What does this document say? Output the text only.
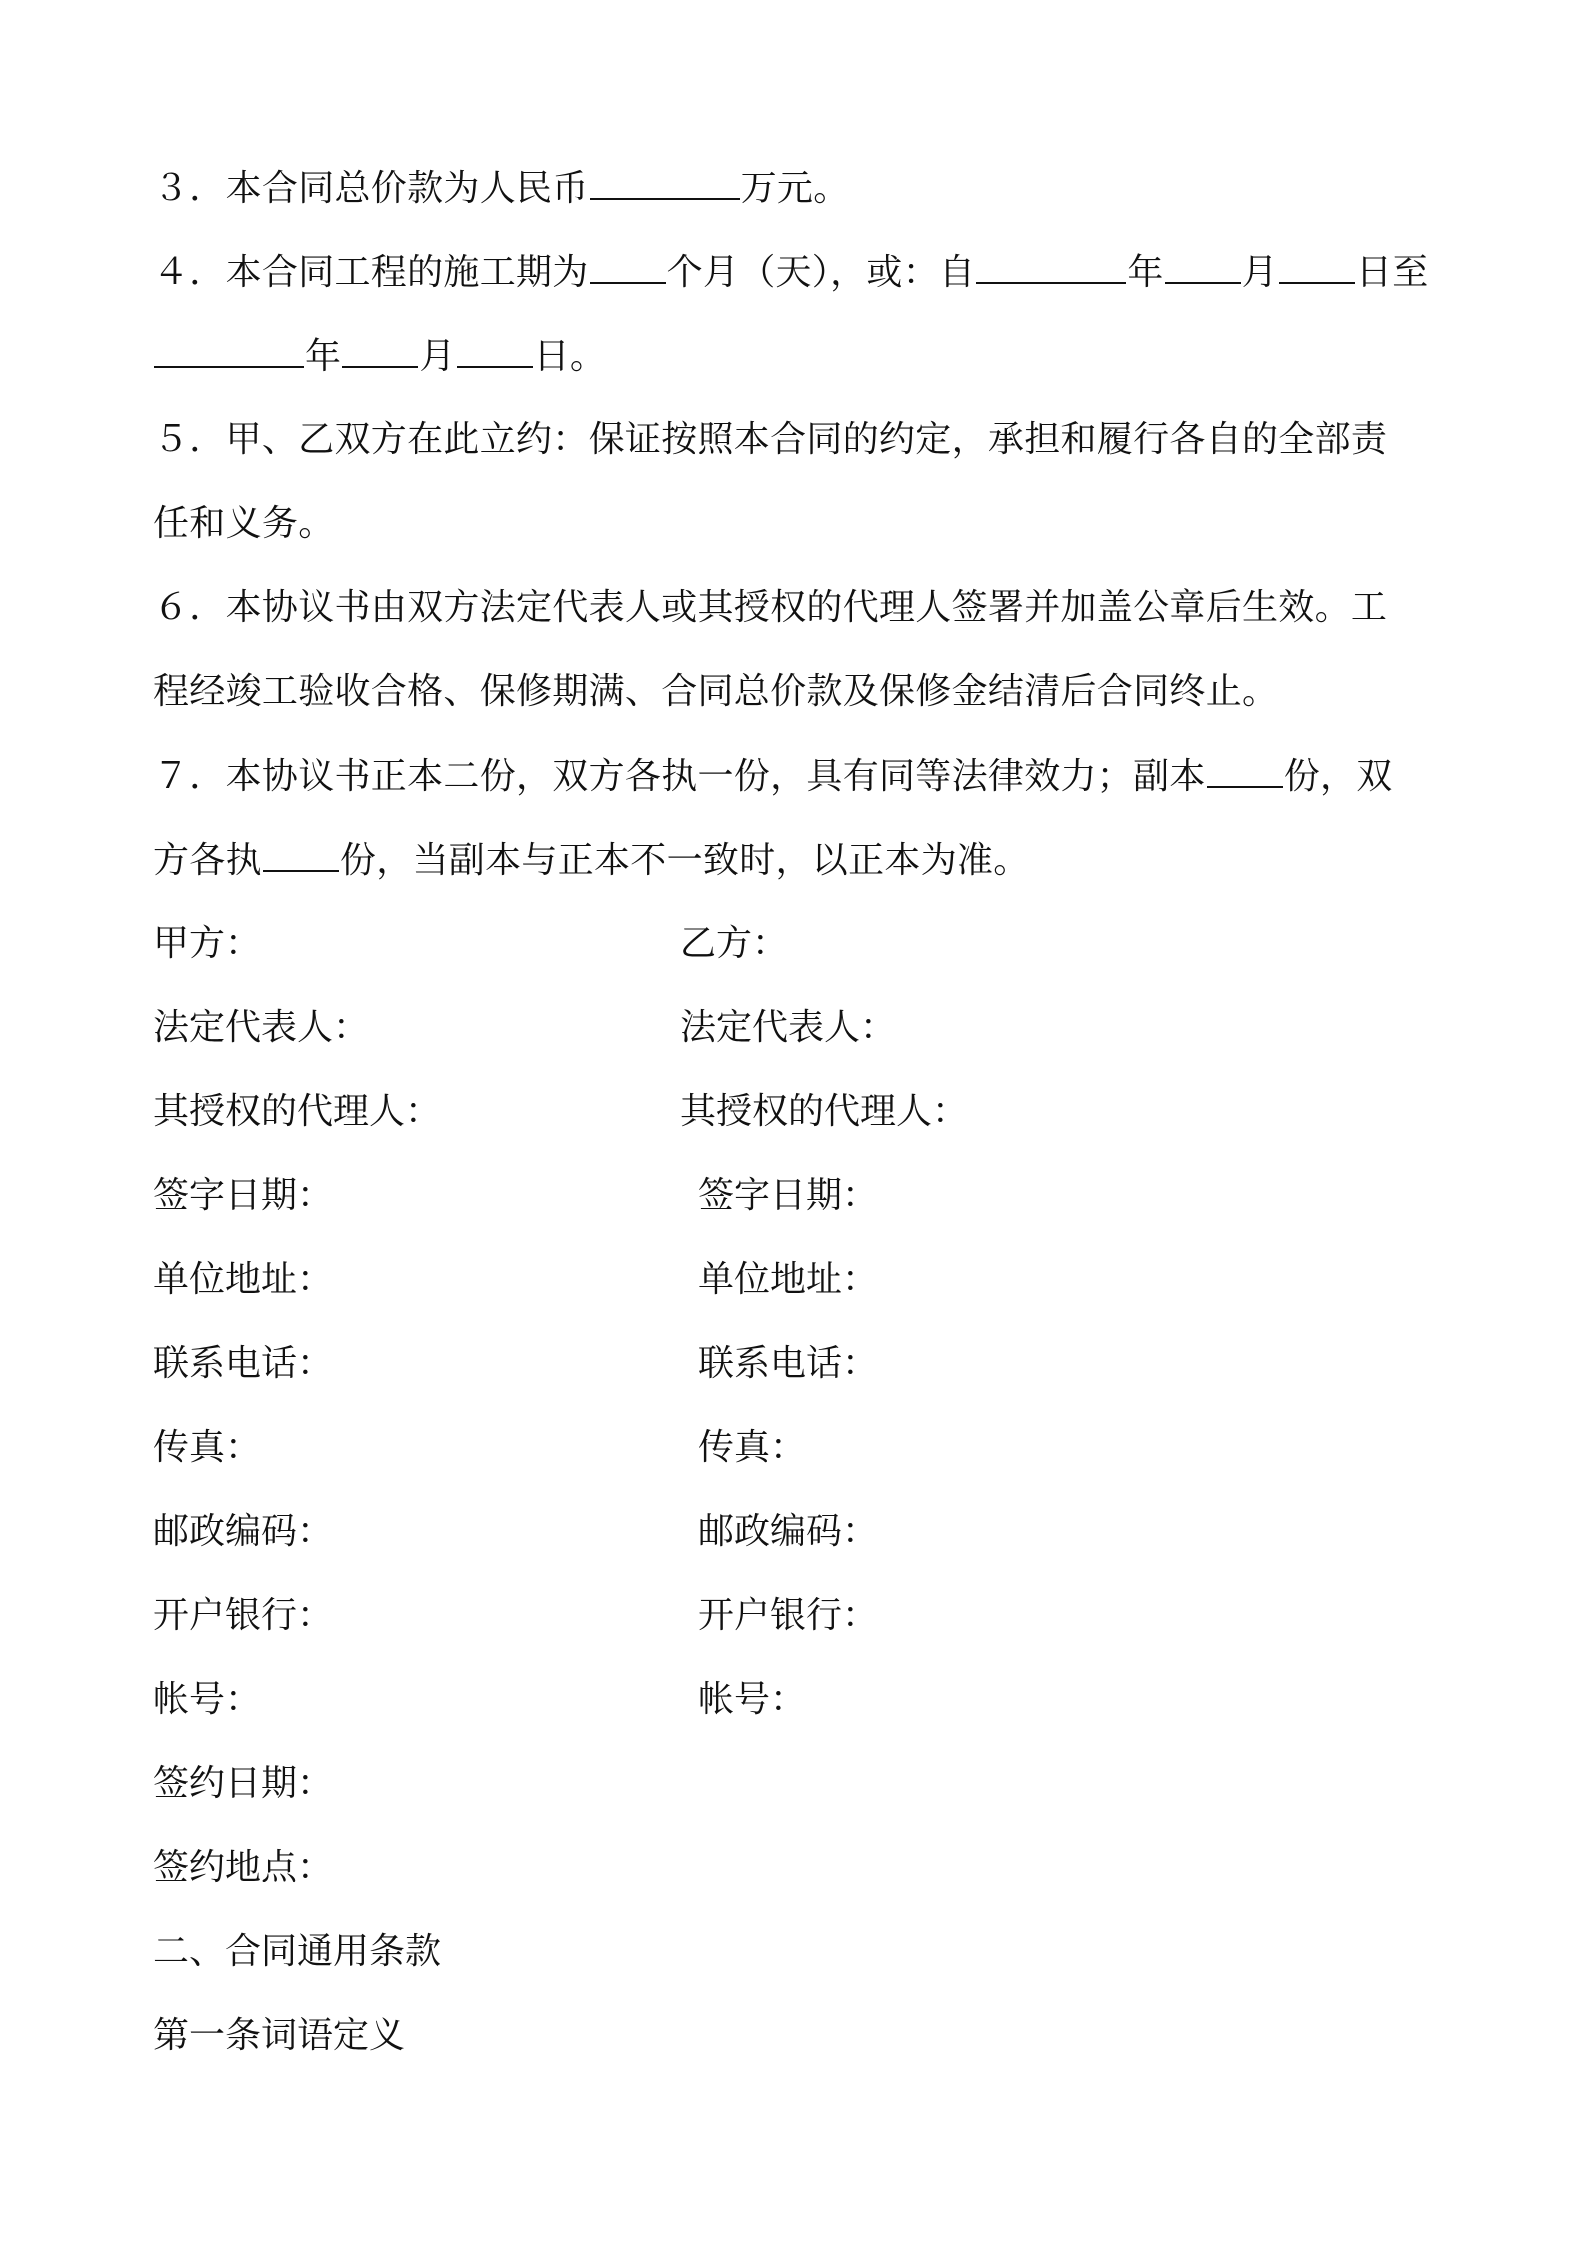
３．本合同总价款为人民币	万元。
４．本合同工程的施工期为 个月（天），或：自	年 月 日至
年 月 日。
５．甲、乙双方在此立约：保证按照本合同的约定，承担和履行各自的全部责
任和义务。
６．本协议书由双方法定代表人或其授权的代理人签署并加盖公章后生效。工
程经竣工验收合格、保修期满、合同总价款及保修金结清后合同终止。
７．本协议书正本二份，双方各执一份，具有同等法律效力；副本 份，双
方各执 份，当副本与正本不一致时，以正本为准。
甲方：
法定代表人：
其授权的代理人：
签字日期：
单位地址：
联系电话：
传真：
邮政编码：
开户银行：
帐号：
乙方：
法定代表人：
其授权的代理人：
签字日期：
单位地址：
联系电话：
传真：
邮政编码：
开户银行：
帐号：
签约日期：
签约地点：
二、合同通用条款
第一条词语定义
